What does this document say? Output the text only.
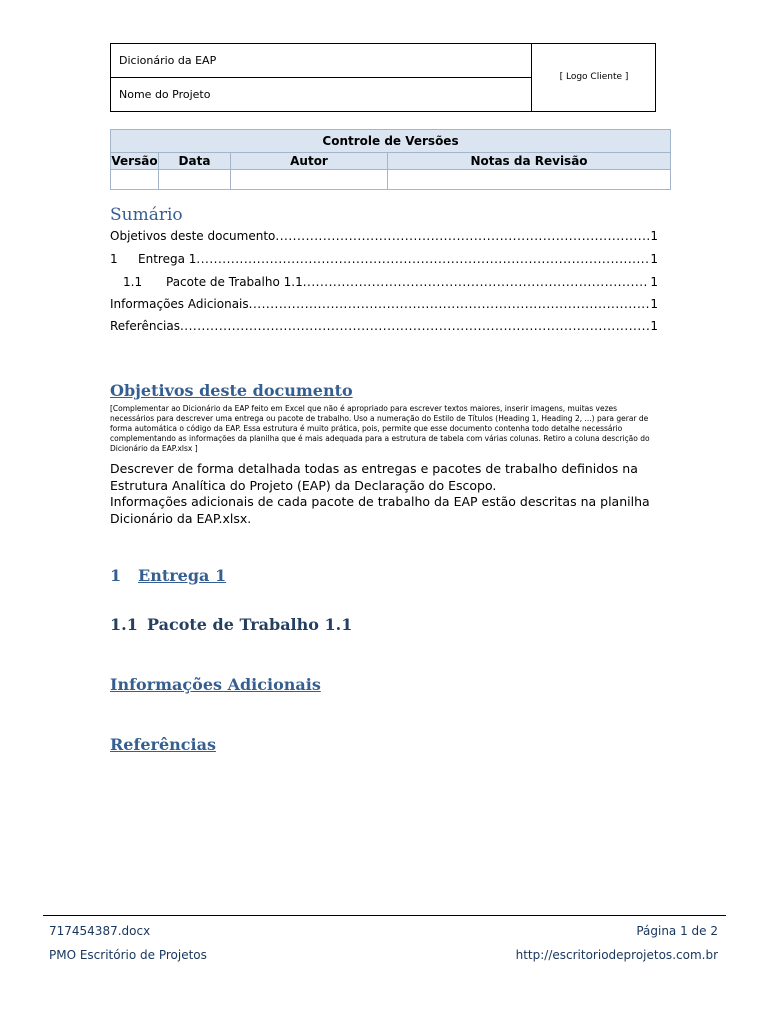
Dicionário da EAP
Nome do Projeto
[ Logo Cliente ]
Controle de Versões			
Versão	Data	Autor	Notas da Revisão

Sumário
Objetivos deste documento .....	1
1	Entrega 1 .....	1
1.1	Pacote de Trabalho 1.1 .....	1
Informações Adicionais .....	1
Referências .....	1
Objetivos deste documento
[Complementar ao Dicionário da EAP feito em Excel que não é apropriado para escrever textos maiores, inserir imagens, muitas vezes necessários para descrever uma entrega ou pacote de trabalho. Uso a numeração do Estilo de Títulos (Heading 1, Heading 2, ...) para gerar de forma automática o código da EAP. Essa estrutura é muito prática, pois, permite que esse documento contenha todo detalhe necessário complementando as informações da planilha que é mais adequada para a estrutura de tabela com várias colunas. Retiro a coluna descrição do Dicionário da EAP.xlsx ]
Descrever de forma detalhada todas as entregas e pacotes de trabalho definidos na Estrutura Analítica do Projeto (EAP) da Declaração do Escopo.
Informações adicionais de cada pacote de trabalho da EAP estão descritas na planilha Dicionário da EAP.xlsx.
1 Entrega 1
1.1 Pacote de Trabalho 1.1
Informações Adicionais
Referências
717454387.docx	Página 1 de 2
PMO Escritório de Projetos	http://escritoriodeprojetos.com.br
